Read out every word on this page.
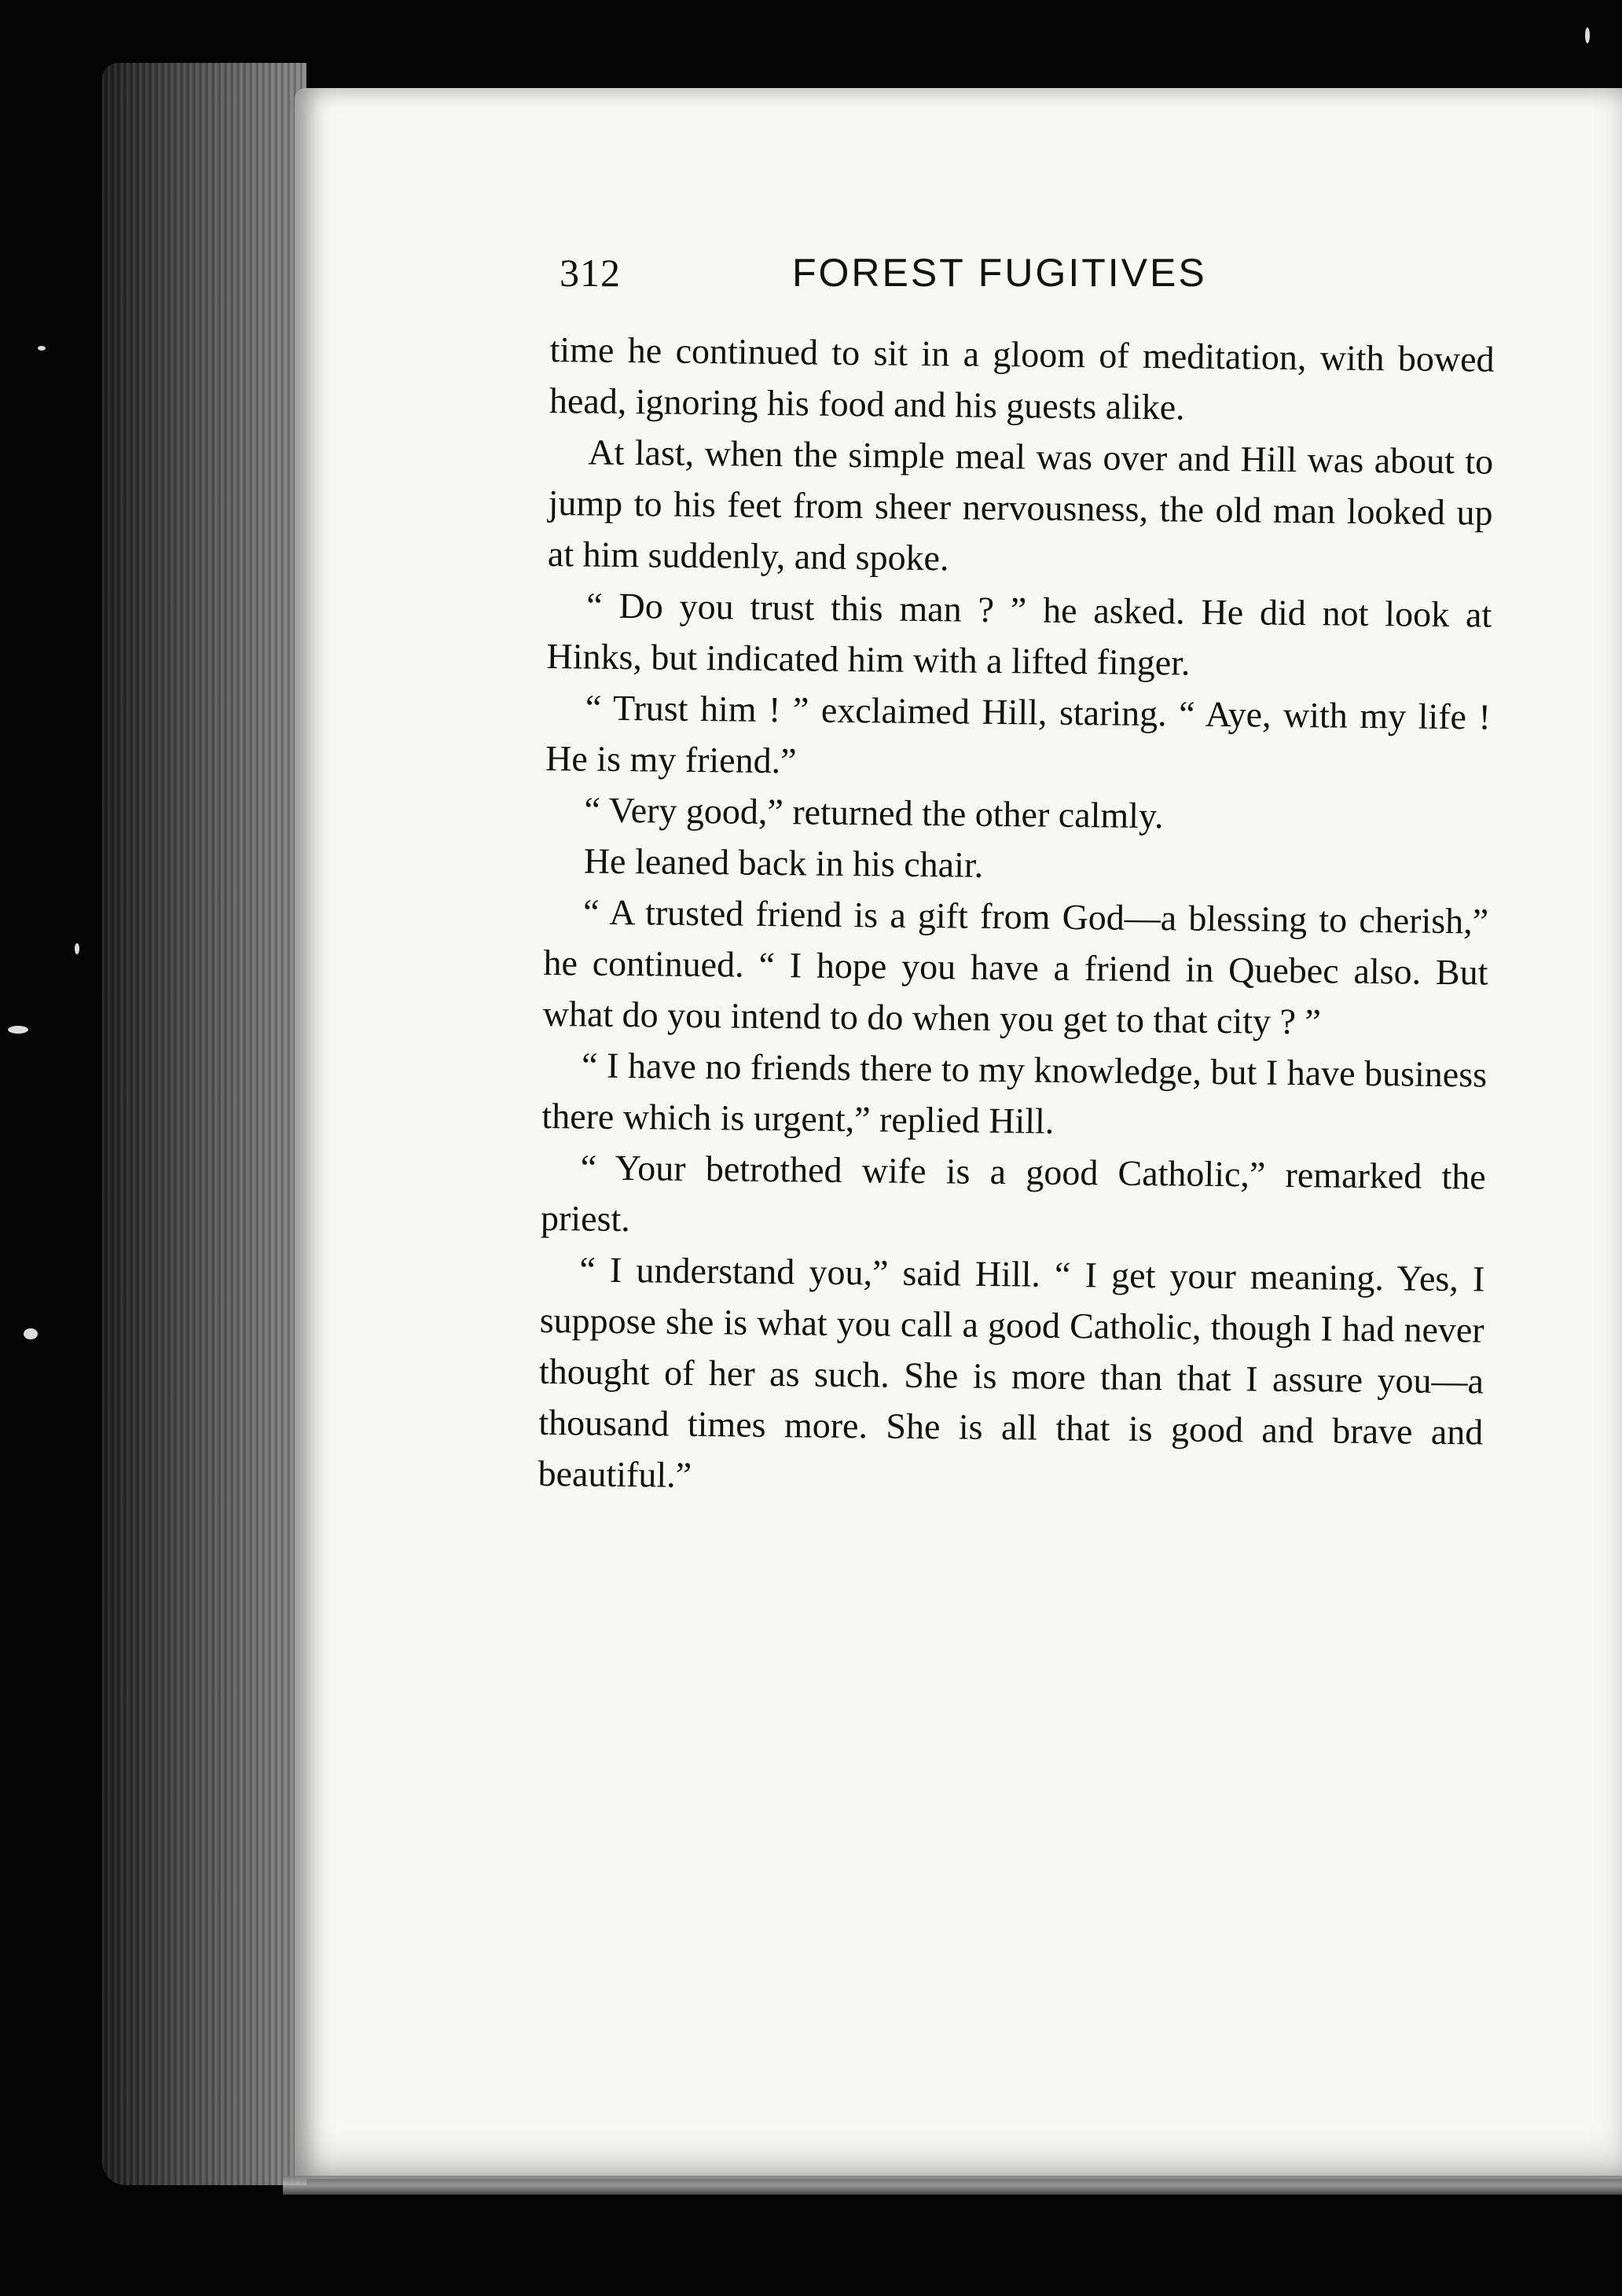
312	FOREST FUGITIVES

time he continued to sit in a gloom of meditation, with bowed head, ignoring his food and his guests alike.

At last, when the simple meal was over and Hill was about to jump to his feet from sheer nervousness, the old man looked up at him suddenly, and spoke.

“ Do you trust this man ? ” he asked. He did not look at Hinks, but indicated him with a lifted finger.

“ Trust him ! ” exclaimed Hill, staring. “ Aye, with my life ! He is my friend.”

“ Very good,” returned the other calmly.

He leaned back in his chair.

“ A trusted friend is a gift from God—a blessing to cherish,” he continued. “ I hope you have a friend in Quebec also. But what do you intend to do when you get to that city ? ”

“ I have no friends there to my knowledge, but I have business there which is urgent,” replied Hill.

“ Your betrothed wife is a good Catholic,” remarked the priest.

“ I understand you,” said Hill. “ I get your meaning. Yes, I suppose she is what you call a good Catholic, though I had never thought of her as such. She is more than that I assure you—a thousand times more. She is all that is good and brave and beautiful.”
